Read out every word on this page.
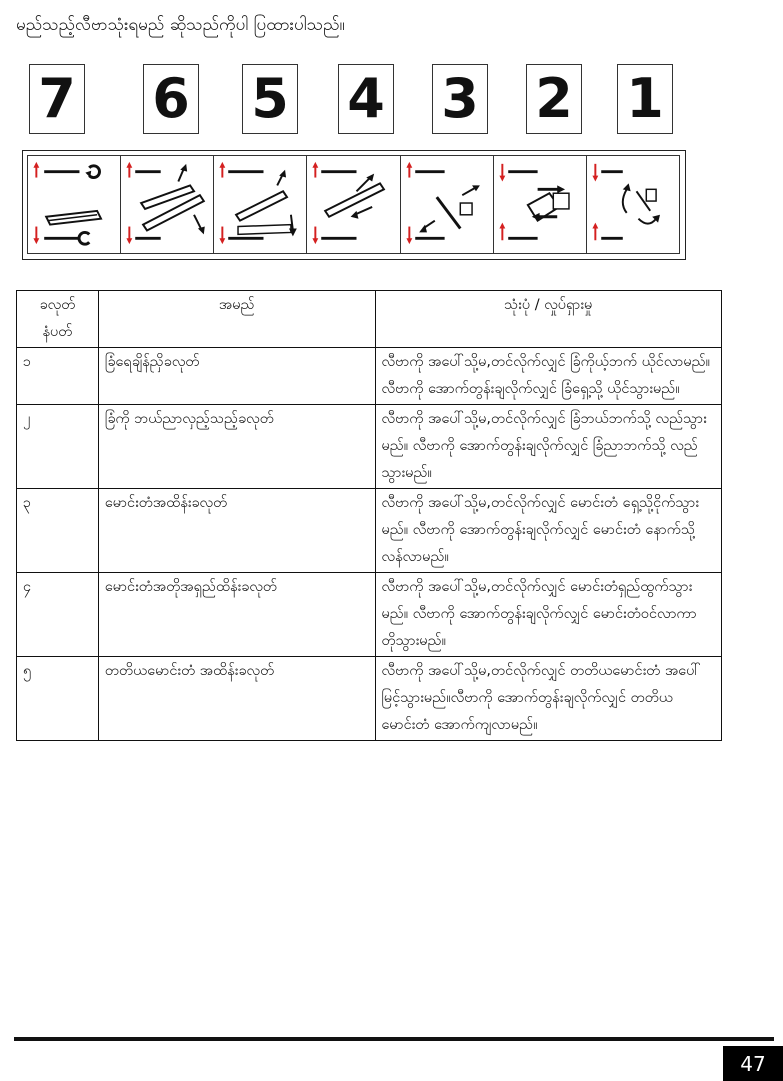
မည်သည့်လီဗာသုံးရမည် ဆိုသည်ကိုပါ ပြထားပါသည်။
7 6 5 4 3 2 1
ခလုတ် နံပတ်	အမည်	သုံးပုံ / လှုပ်ရှားမှု
၁	ခြံရေချိန်ညှိခလုတ်	လီဗာကို အပေါ်သို့မ,တင်လိုက်လျှင် ခြံကိုယ့်ဘက် ယိုင်လာမည်။ လီဗာကို အောက်တွန်းချလိုက်လျှင် ခြံရှေ့သို့ ယိုင်သွားမည်။
၂	ခြံကို ဘယ်ညာလှည့်သည့်ခလုတ်	လီဗာကို အပေါ်သို့မ,တင်လိုက်လျှင် ခြံဘယ်ဘက်သို့ လည်သွားမည်။ လီဗာကို အောက်တွန်းချလိုက်လျှင် ခြံညာဘက်သို့ လည်သွားမည်။
၃	မောင်းတံအထိန်းခလုတ်	လီဗာကို အပေါ်သို့မ,တင်လိုက်လျှင် မောင်းတံ ရှေ့သို့ငိုက်သွားမည်။ လီဗာကို အောက်တွန်းချလိုက်လျှင် မောင်းတံ နောက်သို့လန်လာမည်။
၄	မောင်းတံအတိုအရှည်ထိန်းခလုတ်	လီဗာကို အပေါ်သို့မ,တင်လိုက်လျှင် မောင်းတံရှည်ထွက်သွားမည်။ လီဗာကို အောက်တွန်းချလိုက်လျှင် မောင်းတံဝင်လာကာ တိုသွားမည်။
၅	တတိယမောင်းတံ အထိန်းခလုတ်	လီဗာကို အပေါ်သို့မ,တင်လိုက်လျှင် တတိယမောင်းတံ အပေါ်မြင့်သွားမည်။လီဗာကို အောက်တွန်းချလိုက်လျှင် တတိယမောင်းတံ အောက်ကျလာမည်။
47
